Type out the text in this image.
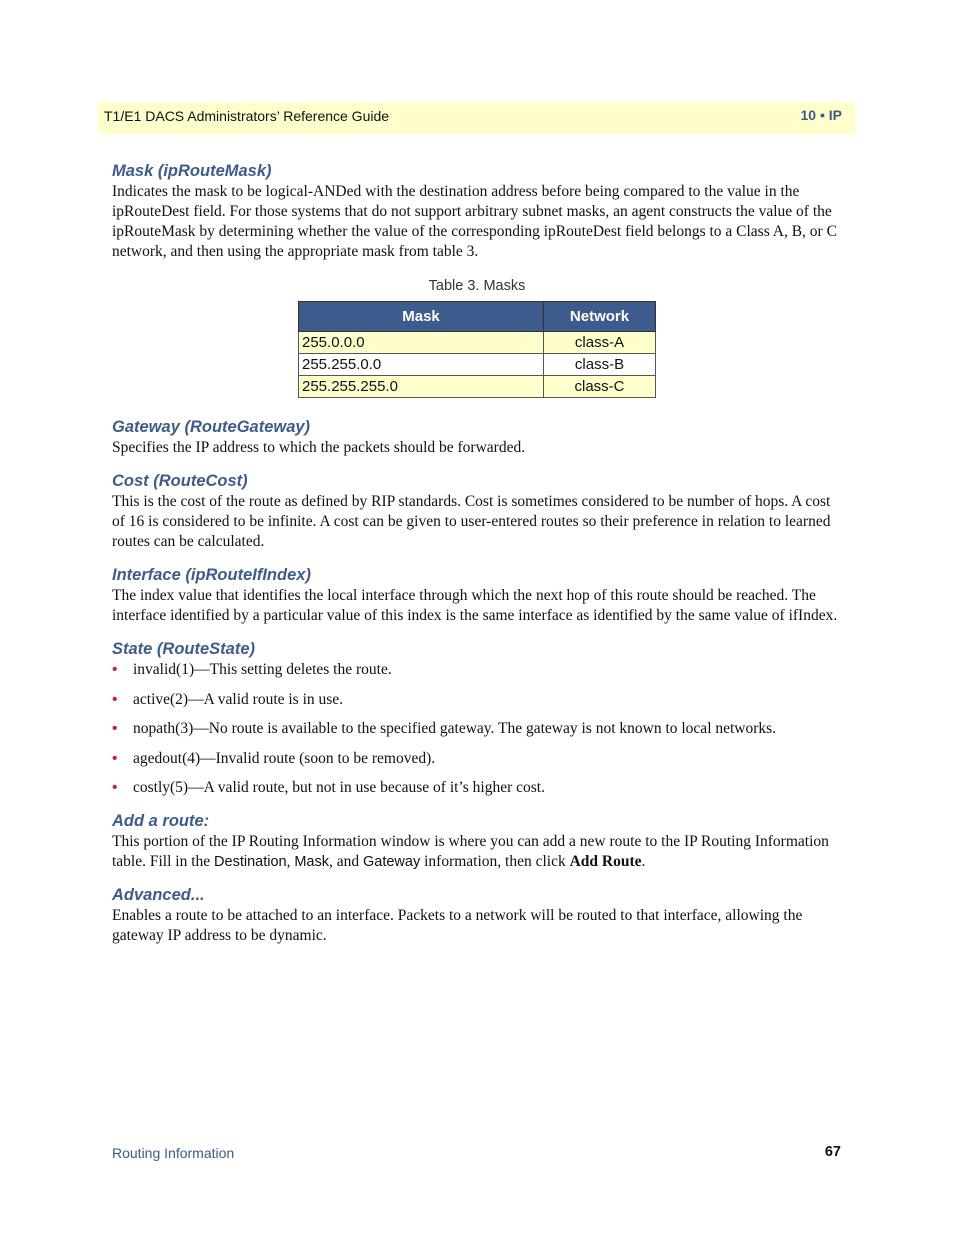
T1/E1 DACS Administrators’ Reference Guide	10 • IP
Mask (ipRouteMask)

Indicates the mask to be logical-ANDed with the destination address before being compared to the value in the ipRouteDest field. For those systems that do not support arbitrary subnet masks, an agent constructs the value of the ipRouteMask by determining whether the value of the corresponding ipRouteDest field belongs to a Class A, B, or C network, and then using the appropriate mask from table 3.

Table 3. Masks
Mask	Network
255.0.0.0	class-A
255.255.0.0	class-B
255.255.255.0	class-C
Gateway (RouteGateway)

Specifies the IP address to which the packets should be forwarded.

Cost (RouteCost)

This is the cost of the route as defined by RIP standards. Cost is sometimes considered to be number of hops. A cost of 16 is considered to be infinite. A cost can be given to user-entered routes so their preference in relation to learned routes can be calculated.

Interface (ipRouteIfIndex)

The index value that identifies the local interface through which the next hop of this route should be reached. The interface identified by a particular value of this index is the same interface as identified by the same value of ifIndex.

State (RouteState)
• invalid(1)—This setting deletes the route.
• active(2)—A valid route is in use.
• nopath(3)—No route is available to the specified gateway. The gateway is not known to local networks.
• agedout(4)—Invalid route (soon to be removed).
• costly(5)—A valid route, but not in use because of it’s higher cost.
Add a route:

This portion of the IP Routing Information window is where you can add a new route to the IP Routing Information table. Fill in the Destination, Mask, and Gateway information, then click Add Route.

Advanced...

Enables a route to be attached to an interface. Packets to a network will be routed to that interface, allowing the gateway IP address to be dynamic.

Routing Information	67
